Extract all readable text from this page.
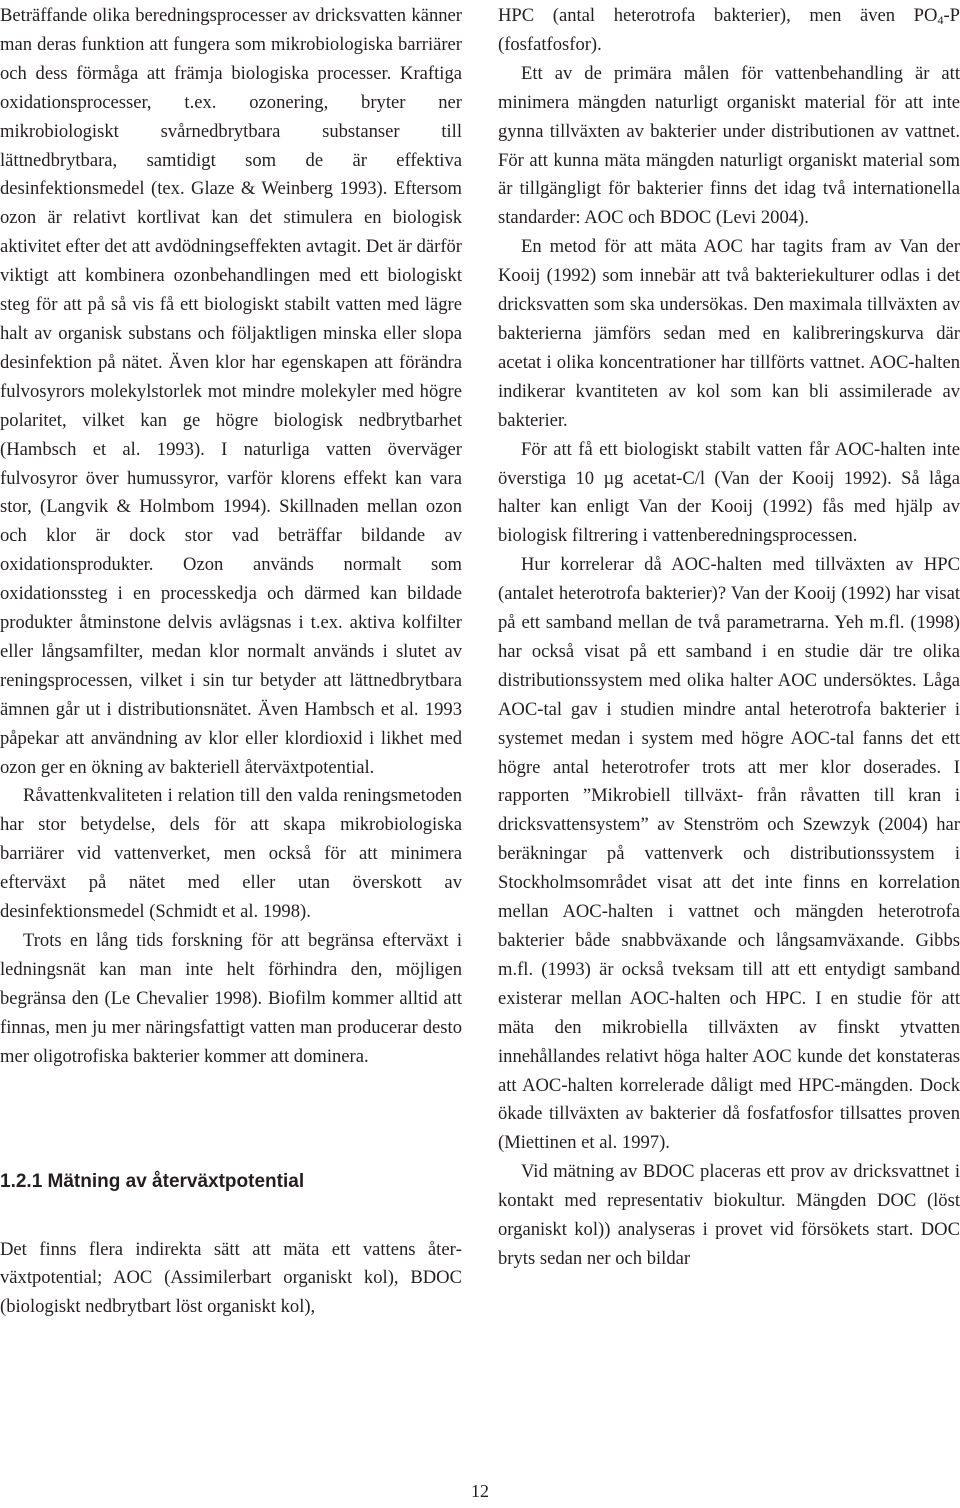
Beträffande olika beredningsprocesser av dricksvatten känner man deras funktion att fungera som mikrobiologiska barriärer och dess förmåga att främja biologiska processer. Kraftiga oxidationsprocesser, t.ex. ozonering, bryter ner mikrobiologiskt svårnedbrytbara substanser till lättnedbrytbara, samtidigt som de är effektiva desinfektionsmedel (tex. Glaze & Weinberg 1993). Eftersom ozon är relativt kortlivat kan det stimulera en biologisk aktivitet efter det att avdödningseffekten avtagit. Det är därför viktigt att kombinera ozonbehandlingen med ett biologiskt steg för att på så vis få ett biologiskt stabilt vatten med lägre halt av organisk substans och följaktligen minska eller slopa desinfektion på nätet. Även klor har egenskapen att förändra fulvosyrors molekylstorlek mot mindre molekyler med högre polaritet, vilket kan ge högre biologisk nedbrytbarhet (Hambsch et al. 1993). I naturliga vatten överväger fulvosyror över humussyror, varför klorens effekt kan vara stor, (Langvik & Holmbom 1994). Skillnaden mellan ozon och klor är dock stor vad beträffar bildande av oxidationsprodukter. Ozon används normalt som oxidationssteg i en processkedja och därmed kan bildade produkter åtminstone delvis avlägsnas i t.ex. aktiva kolfilter eller långsamfilter, medan klor normalt används i slutet av reningsprocessen, vilket i sin tur betyder att lättnedbrytbara ämnen går ut i distributionsnätet. Även Hambsch et al. 1993 påpekar att användning av klor eller klordioxid i likhet med ozon ger en ökning av bakteriell återväxtpotential.

Råvattenkvaliteten i relation till den valda reningsmetoden har stor betydelse, dels för att skapa mikrobiologiska barriärer vid vattenverket, men också för att minimera efterväxt på nätet med eller utan överskott av desinfektionsmedel (Schmidt et al. 1998).

Trots en lång tids forskning för att begränsa efterväxt i ledningsnät kan man inte helt förhindra den, möjligen begränsa den (Le Chevalier 1998). Biofilm kommer alltid att finnas, men ju mer näringsfattigt vatten man producerar desto mer oligotrofiska bakterier kommer att dominera.

1.2.1 Mätning av återväxtpotential

Det finns flera indirekta sätt att mäta ett vattens återväxtpotential; AOC (Assimilerbart organiskt kol), BDOC (biologiskt nedbrytbart löst organiskt kol),

HPC (antal heterotrofa bakterier), men även $PO_4-P$ (fosfatfosfor).

Ett av de primära målen för vattenbehandling är att minimera mängden naturligt organiskt material för att inte gynna tillväxten av bakterier under distributionen av vattnet. För att kunna mäta mängden naturligt organiskt material som är tillgängligt för bakterier finns det idag två internationella standarder: AOC och BDOC (Levi 2004).

En metod för att mäta AOC har tagits fram av Van der Kooij (1992) som innebär att två bakteriekulturer odlas i det dricksvatten som ska undersökas. Den maximala tillväxten av bakterierna jämförs sedan med en kalibreringskurva där acetat i olika koncentrationer har tillförts vattnet. AOC-halten indikerar kvantiteten av kol som kan bli assimilerade av bakterier.

För att få ett biologiskt stabilt vatten får AOC-halten inte överstiga 10 µg acetat-C/l (Van der Kooij 1992). Så låga halter kan enligt Van der Kooij (1992) fås med hjälp av biologisk filtrering i vattenberedningsprocessen.

Hur korrelerar då AOC-halten med tillväxten av HPC (antalet heterotrofa bakterier)? Van der Kooij (1992) har visat på ett samband mellan de två parametrarna. Yeh m.fl. (1998) har också visat på ett samband i en studie där tre olika distributionssystem med olika halter AOC undersöktes. Låga AOC-tal gav i studien mindre antal heterotrofa bakterier i systemet medan i system med högre AOC-tal fanns det ett högre antal heterotrofer trots att mer klor doserades. I rapporten ”Mikrobiell tillväxt- från råvatten till kran i dricksvattensystem” av Stenström och Szewzyk (2004) har beräkningar på vattenverk och distributionssystem i Stockholmsområdet visat att det inte finns en korrelation mellan AOC-halten i vattnet och mängden heterotrofa bakterier både snabbväxande och långsamväxande. Gibbs m.fl. (1993) är också tveksam till att ett entydigt samband existerar mellan AOC-halten och HPC. I en studie för att mäta den mikrobiella tillväxten av finskt ytvatten innehållandes relativt höga halter AOC kunde det konstateras att AOC-halten korrelerade dåligt med HPC-mängden. Dock ökade tillväxten av bakterier då fosfatfosfor tillsattes proven (Miettinen et al. 1997).

Vid mätning av BDOC placeras ett prov av dricksvattnet i kontakt med representativ biokultur. Mängden DOC (löst organiskt kol)) analyseras i provet vid försökets start. DOC bryts sedan ner och bildar

12
